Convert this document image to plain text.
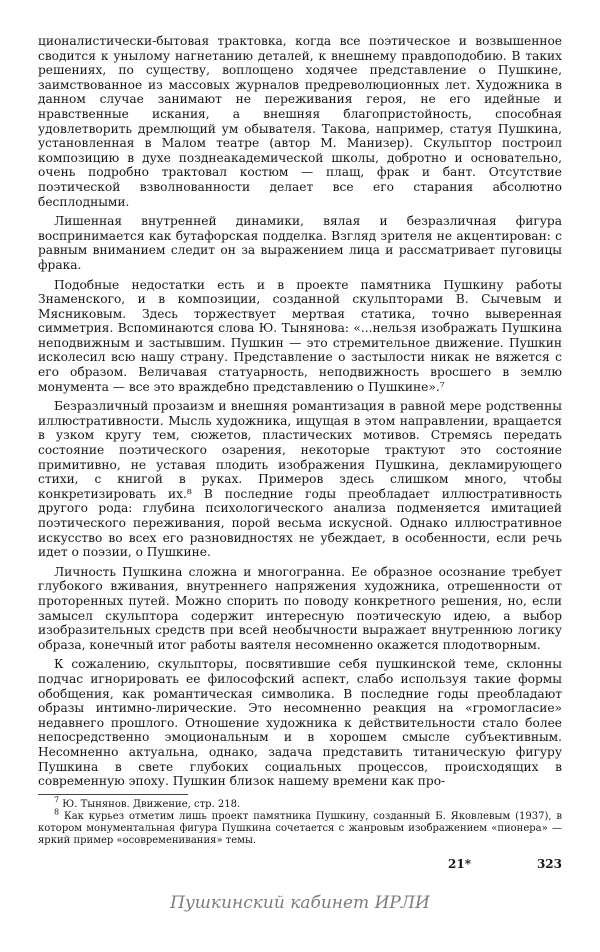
ционалистически-бытовая трактовка, когда все поэтическое и возвышенное сводится к унылому нагнетанию деталей, к внешнему правдоподобию. В таких решениях, по существу, воплощено ходячее представление о Пушкине, заимствованное из массовых журналов предреволюционных лет. Художника в данном случае занимают не переживания героя, не его идейные и нравственные искания, а внешняя благопристойность, способная удовлетворить дремлющий ум обывателя. Такова, например, статуя Пушкина, установленная в Малом театре (автор М. Манизер). Скульптор построил композицию в духе позднеакадемической школы, добротно и основательно, очень подробно трактовал костюм — плащ, фрак и бант. Отсутствие поэтической взволнованности делает все его старания абсолютно бесплодными.

Лишенная внутренней динамики, вялая и безразличная фигура воспринимается как бутафорская подделка. Взгляд зрителя не акцентирован: с равным вниманием следит он за выражением лица и рассматривает пуговицы фрака.

Подобные недостатки есть и в проекте памятника Пушкину работы Знаменского, и в композиции, созданной скульпторами В. Сычевым и Мясниковым. Здесь торжествует мертвая статика, точно выверенная симметрия. Вспоминаются слова Ю. Тынянова: «...нельзя изображать Пушкина неподвижным и застывшим. Пушкин — это стремительное движение. Пушкин исколесил всю нашу страну. Представление о застылости никак не вяжется с его образом. Величавая статуарность, неподвижность вросшего в землю монумента — все это враждебно представлению о Пушкине».⁷

Безразличный прозаизм и внешняя романтизация в равной мере родственны иллюстративности. Мысль художника, ищущая в этом направлении, вращается в узком кругу тем, сюжетов, пластических мотивов. Стремясь передать состояние поэтического озарения, некоторые трактуют это состояние примитивно, не уставая плодить изображения Пушкина, декламирующего стихи, с книгой в руках. Примеров здесь слишком много, чтобы конкретизировать их.⁸ В последние годы преобладает иллюстративность другого рода: глубина психологического анализа подменяется имитацией поэтического переживания, порой весьма искусной. Однако иллюстративное искусство во всех его разновидностях не убеждает, в особенности, если речь идет о поэзии, о Пушкине.

Личность Пушкина сложна и многогранна. Ее образное осознание требует глубокого вживания, внутреннего напряжения художника, отрешенности от проторенных путей. Можно спорить по поводу конкретного решения, но, если замысел скульптора содержит интересную поэтическую идею, а выбор изобразительных средств при всей необычности выражает внутреннюю логику образа, конечный итог работы ваятеля несомненно окажется плодотворным.

К сожалению, скульпторы, посвятившие себя пушкинской теме, склонны подчас игнорировать ее философский аспект, слабо используя такие формы обобщения, как романтическая символика. В последние годы преобладают образы интимно-лирические. Это несомненно реакция на «громогласие» недавнего прошлого. Отношение художника к действительности стало более непосредственно эмоциональным и в хорошем смысле субъективным. Несомненно актуальна, однако, задача представить титаническую фигуру Пушкина в свете глубоких социальных процессов, происходящих в современную эпоху. Пушкин близок нашему времени как про-

$^7$ Ю. Тынянов. Движение, стр. 218.

$^8$ Как курьез отметим лишь проект памятника Пушкину, созданный Б. Яковлевым (1937), в котором монументальная фигура Пушкина сочетается с жанровым изображением «пионера» — яркий пример «осовременивания» темы.

21*	323
Пушкинский кабинет ИРЛИ
